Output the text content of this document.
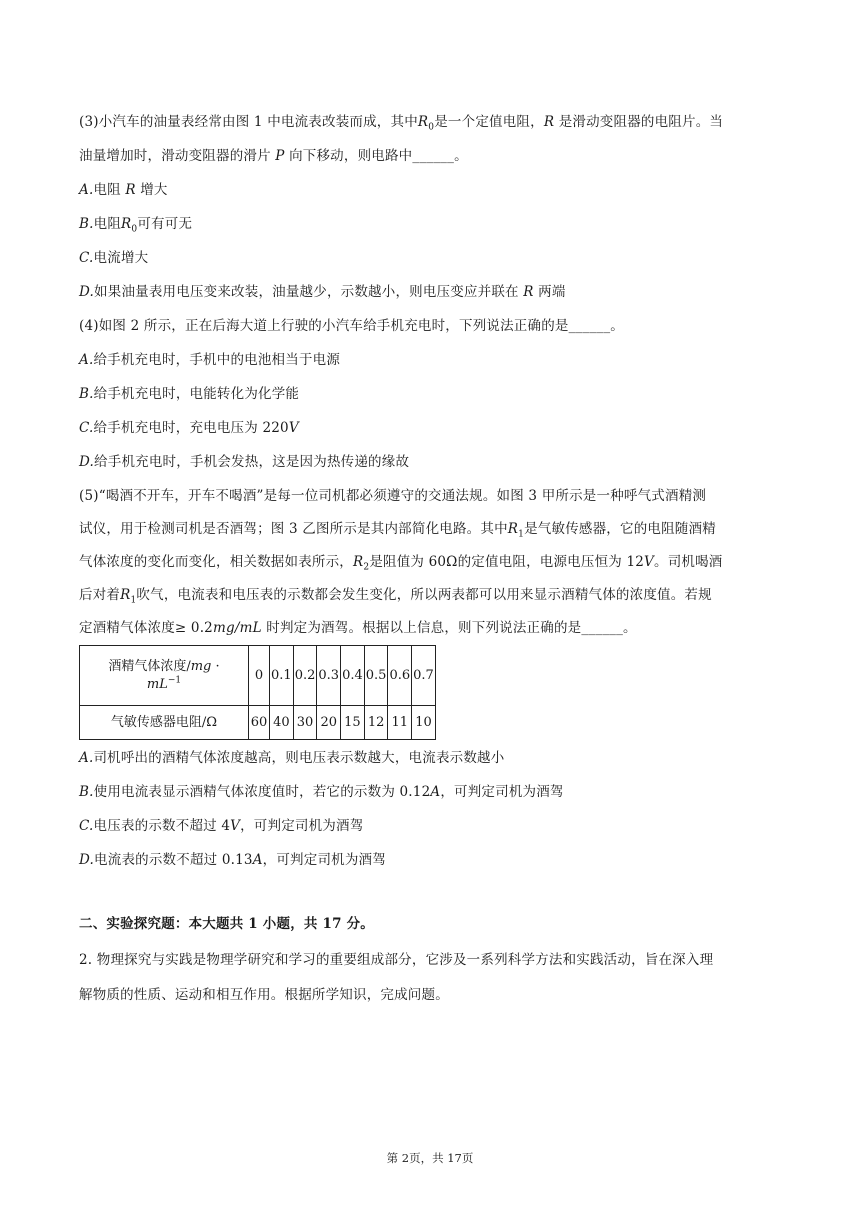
(3)小汽车的油量表经常由图 1 中电流表改装而成，其中$R_0$是一个定值电阻，R 是滑动变阻器的电阻片。当
油量增加时，滑动变阻器的滑片 P 向下移动，则电路中______。
A.电阻 R 增大
B.电阻$R_0$可有可无
C.电流增大
D.如果油量表用电压变来改装，油量越少，示数越小，则电压变应并联在 R 两端
(4)如图 2 所示，正在后海大道上行驶的小汽车给手机充电时，下列说法正确的是______。
A.给手机充电时，手机中的电池相当于电源
B.给手机充电时，电能转化为化学能
C.给手机充电时，充电电压为 220V
D.给手机充电时，手机会发热，这是因为热传递的缘故
(5)“喝酒不开车，开车不喝酒”是每一位司机都必须遵守的交通法规。如图 3 甲所示是一种呼气式酒精测
试仪，用于检测司机是否酒驾；图 3 乙图所示是其内部简化电路。其中$R_1$是气敏传感器，它的电阻随酒精
气体浓度的变化而变化，相关数据如表所示，$R_2$是阻值为 60Ω的定值电阻，电源电压恒为 12V。司机喝酒
后对着$R_1$吹气，电流表和电压表的示数都会发生变化，所以两表都可以用来显示酒精气体的浓度值。若规
定酒精气体浓度≥ 0.2mg/mL 时判定为酒驾。根据以上信息，则下列说法正确的是______。
酒精气体浓度/mg ·
$mL^{-1}$	0	0.1	0.2	0.3	0.4	0.5	0.6	0.7
气敏传感器电阻/Ω	60	40	30	20	15	12	11	10
A.司机呼出的酒精气体浓度越高，则电压表示数越大，电流表示数越小
B.使用电流表显示酒精气体浓度值时，若它的示数为 0.12A，可判定司机为酒驾
C.电压表的示数不超过 4V，可判定司机为酒驾
D.电流表的示数不超过 0.13A，可判定司机为酒驾
二、实验探究题：本大题共 1 小题，共 17 分。
2. 物理探究与实践是物理学研究和学习的重要组成部分，它涉及一系列科学方法和实践活动，旨在深入理
解物质的性质、运动和相互作用。根据所学知识，完成问题。
第 2页，共 17页
